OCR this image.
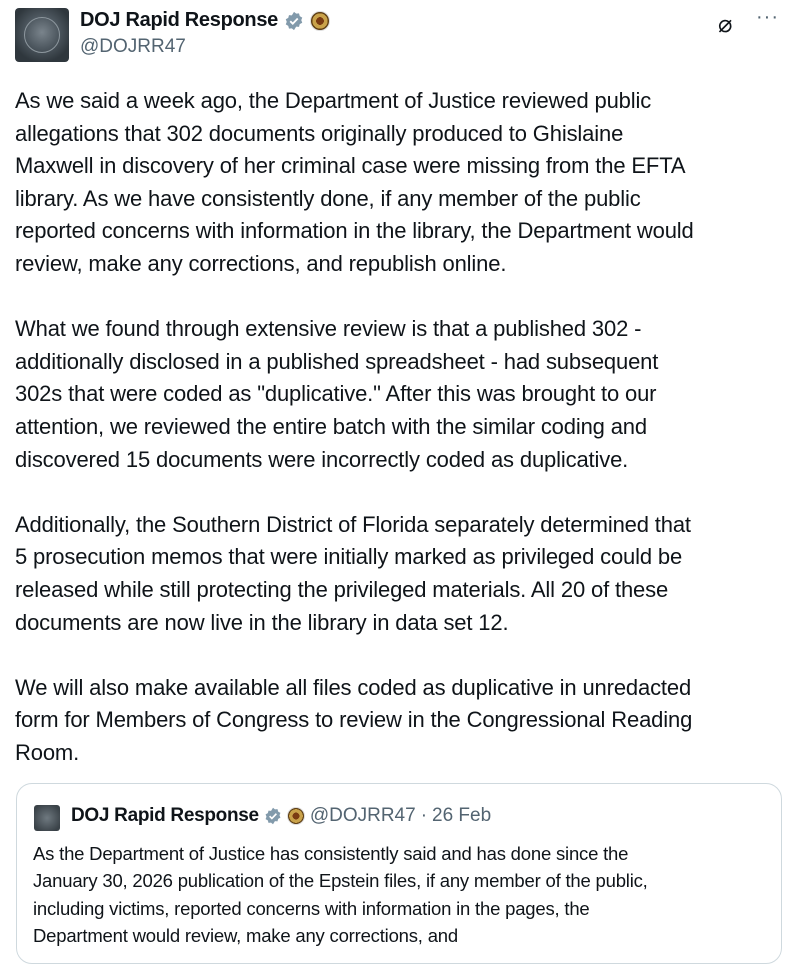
DOJ Rapid Response
@DOJRR47
⌀ ···

As we said a week ago, the Department of Justice reviewed public
allegations that 302 documents originally produced to Ghislaine
Maxwell in discovery of her criminal case were missing from the EFTA
library. As we have consistently done, if any member of the public
reported concerns with information in the library, the Department would
review, make any corrections, and republish online.

What we found through extensive review is that a published 302 -
additionally disclosed in a published spreadsheet - had subsequent
302s that were coded as "duplicative." After this was brought to our
attention, we reviewed the entire batch with the similar coding and
discovered 15 documents were incorrectly coded as duplicative.

Additionally, the Southern District of Florida separately determined that
5 prosecution memos that were initially marked as privileged could be
released while still protecting the privileged materials. All 20 of these
documents are now live in the library in data set 12.

We will also make available all files coded as duplicative in unredacted
form for Members of Congress to review in the Congressional Reading
Room.

DOJ Rapid Response	@DOJRR47 · 26 Feb
As the Department of Justice has consistently said and has done since the
January 30, 2026 publication of the Epstein files, if any member of the public,
including victims, reported concerns with information in the pages, the
Department would review, make any corrections, and
